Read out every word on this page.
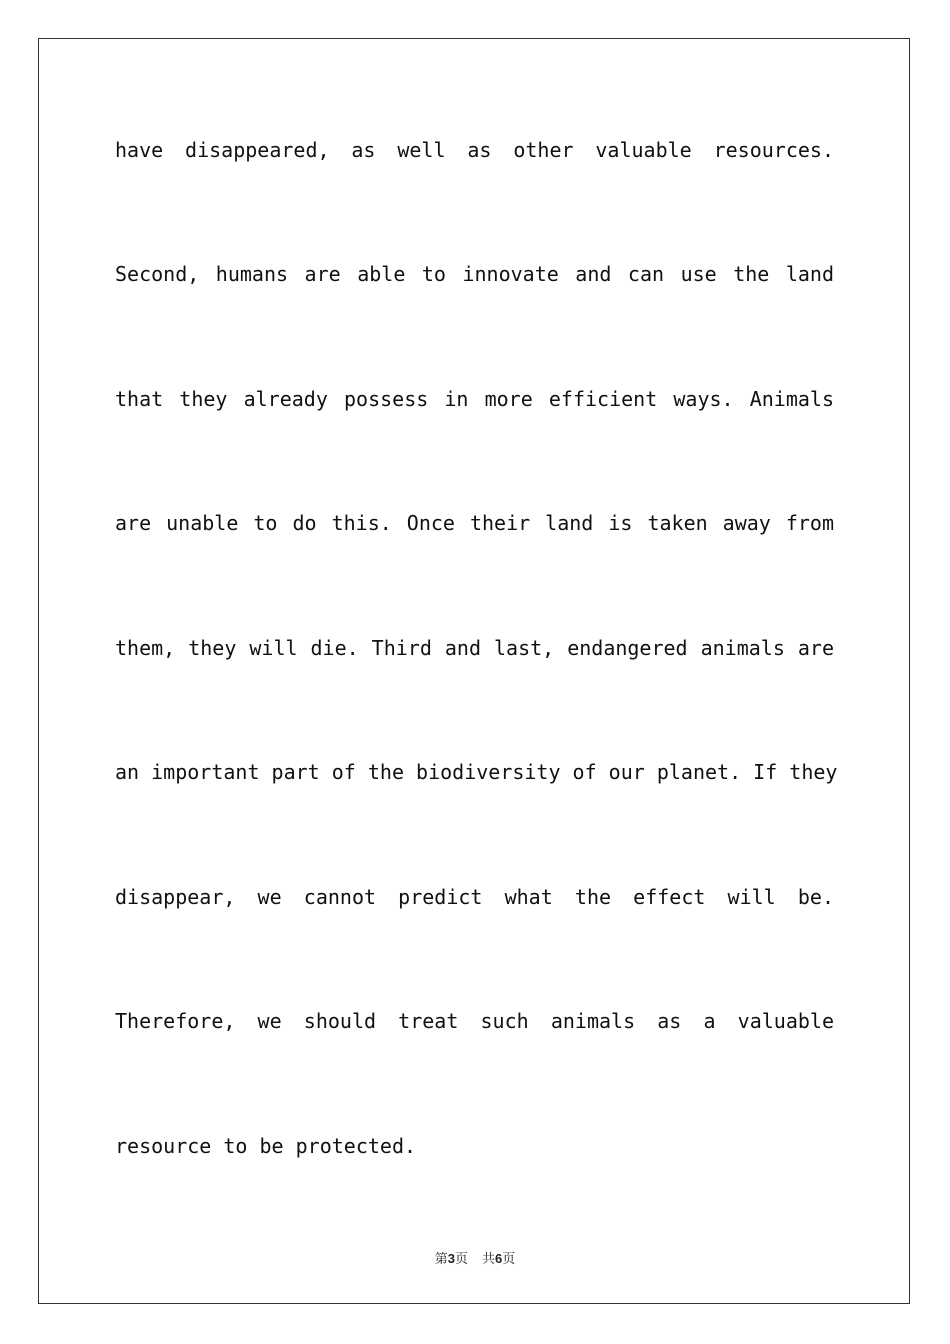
have disappeared, as well as other valuable resources.
Second, humans are able to innovate and can use the land
that they already possess in more efficient ways. Animals
are unable to do this. Once their land is taken away from
them, they will die. Third and last, endangered animals are
an important part of the biodiversity of our planet. If they
disappear, we cannot predict what the effect will be.
Therefore, we should treat such animals as a valuable
resource to be protected.
第3页 共6页
